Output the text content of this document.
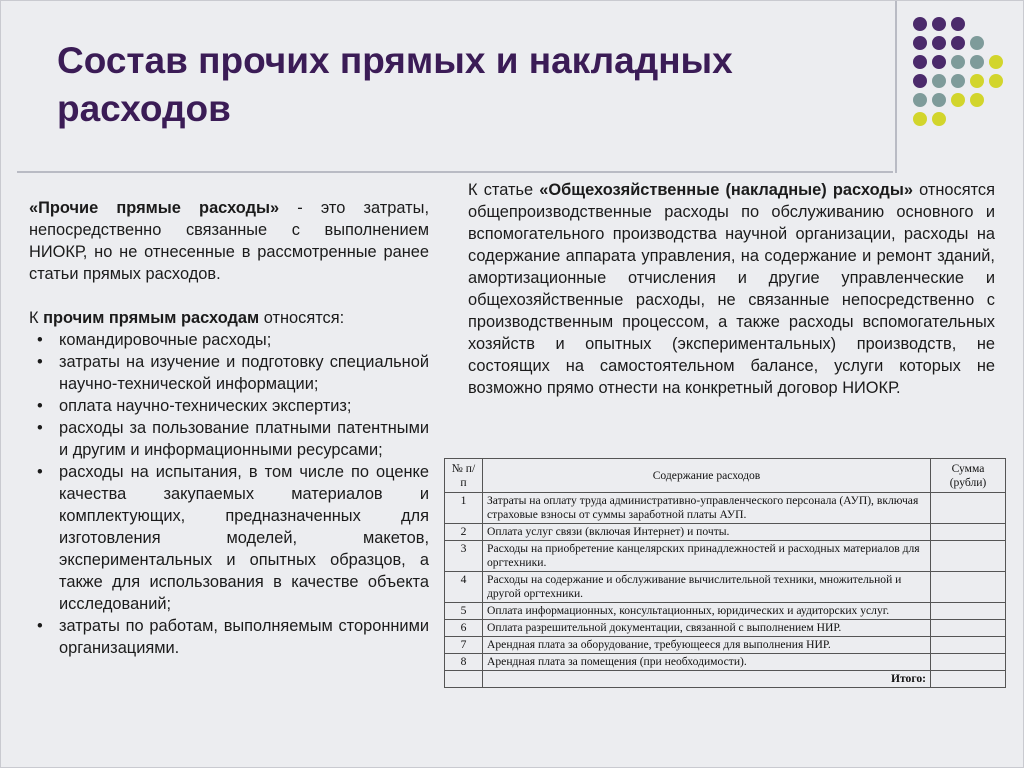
Состав прочих прямых и накладных расходов

«Прочие прямые расходы» - это затраты, непосредственно связанные с выполнением НИОКР, но не отнесенные в рассмотренные ранее статьи прямых расходов.

К прочим прямым расходам относятся:

• командировочные расходы;
• затраты на изучение и подготовку специальной научно-технической информации;
• оплата научно-технических экспертиз;
• расходы за пользование платными патентными и другим и информационными ресурсами;
• расходы на испытания, в том числе по оценке качества закупаемых материалов и комплектующих, предназначенных для изготовления моделей, макетов, экспериментальных и опытных образцов, а также для использования в качестве объекта исследований;
• затраты по работам, выполняемым сторонними организациями.

К статье «Общехозяйственные (накладные) расходы» относятся общепроизводственные расходы по обслуживанию основного и вспомогательного производства научной организации, расходы на содержание аппарата управления, на содержание и ремонт зданий, амортизационные отчисления и другие управленческие и общехозяйственные расходы, не связанные непосредственно с производственным процессом, а также расходы вспомогательных хозяйств и опытных (экспериментальных) производств, не состоящих на самостоятельном балансе, услуги которых не возможно прямо отнести на конкретный договор НИОКР.

№ п/п	Содержание расходов	Сумма (рубли)
1	Затраты на оплату труда административно-управленческого персонала (АУП), включая страховые взносы от суммы заработной платы АУП.	
2	Оплата услуг связи (включая Интернет) и почты.	
3	Расходы на приобретение канцелярских принадлежностей и расходных материалов для оргтехники.	
4	Расходы на содержание и обслуживание вычислительной техники, множительной и другой оргтехники.	
5	Оплата информационных, консультационных, юридических и аудиторских услуг.	
6	Оплата разрешительной документации, связанной с выполнением НИР.	
7	Арендная плата за оборудование, требующееся для выполнения НИР.	
8	Арендная плата за помещения (при необходимости).	
	Итого:	
